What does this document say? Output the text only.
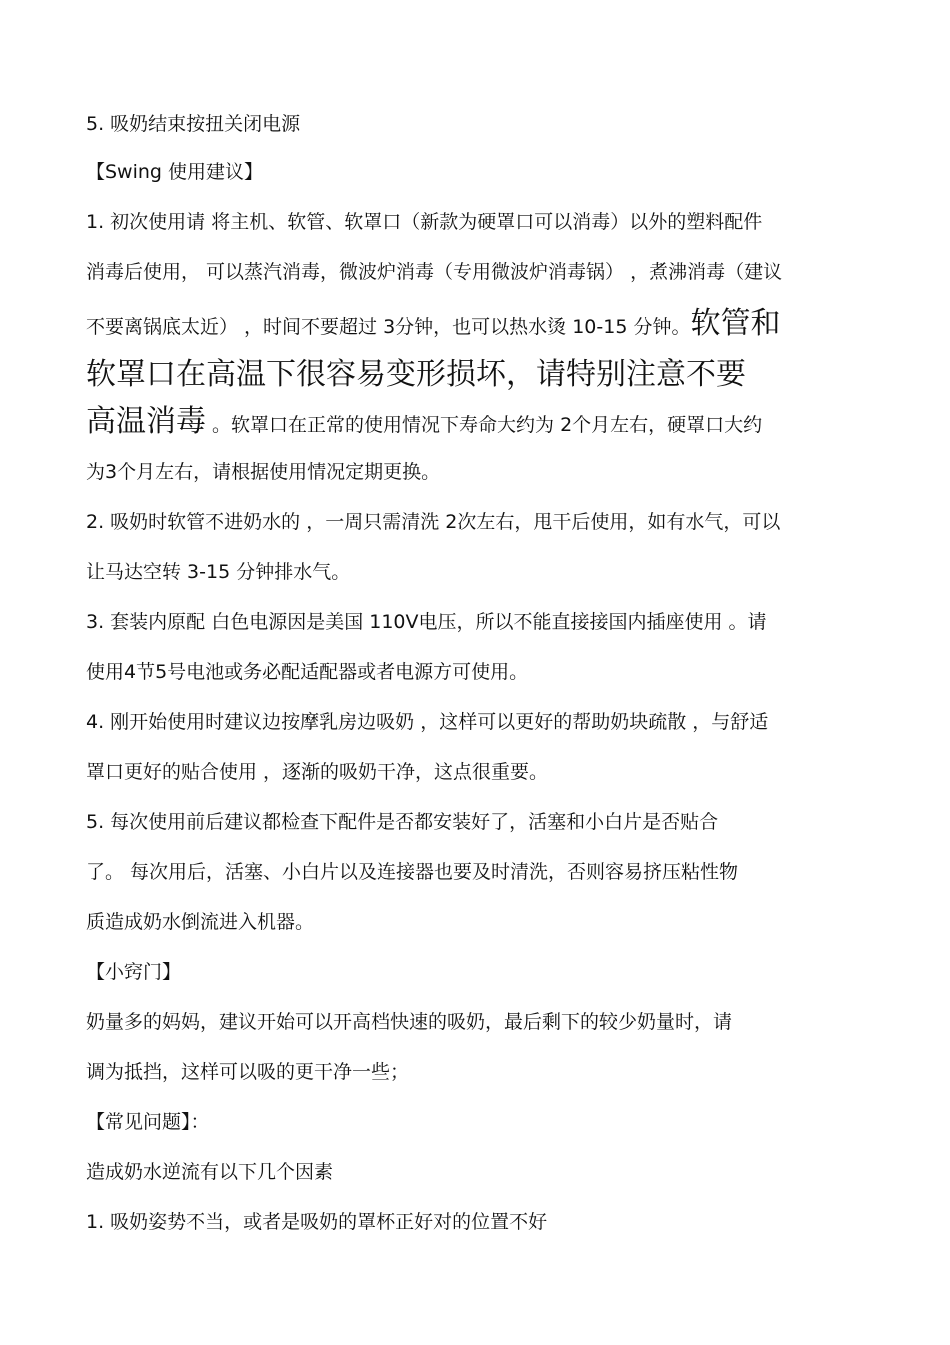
5. 吸奶结束按扭关闭电源
【Swing 使用建议】
1. 初次使用请 将主机、软管、软罩口（新款为硬罩口可以消毒）以外的塑料配件
消毒后使用， 可以蒸汽消毒，微波炉消毒（专用微波炉消毒锅） ，煮沸消毒（建议
不要离锅底太近） ，时间不要超过 3分钟，也可以热水烫 10-15 分钟。软管和
软罩口在高温下很容易变形损坏，请特别注意不要
高温消毒 。软罩口在正常的使用情况下寿命大约为 2个月左右，硬罩口大约
为3个月左右，请根据使用情况定期更换。
2. 吸奶时软管不进奶水的 ，一周只需清洗 2次左右，甩干后使用，如有水气，可以
让马达空转 3-15 分钟排水气。
3. 套装内原配 白色电源因是美国 110V电压，所以不能直接接国内插座使用 。请
使用4节5号电池或务必配适配器或者电源方可使用。
4. 刚开始使用时建议边按摩乳房边吸奶 ，这样可以更好的帮助奶块疏散 ，与舒适
罩口更好的贴合使用 ，逐渐的吸奶干净，这点很重要。
5. 每次使用前后建议都检查下配件是否都安装好了，活塞和小白片是否贴合
了。 每次用后，活塞、小白片以及连接器也要及时清洗，否则容易挤压粘性物
质造成奶水倒流进入机器。
【小窍门】
奶量多的妈妈，建议开始可以开高档快速的吸奶，最后剩下的较少奶量时，请
调为抵挡，这样可以吸的更干净一些；
【常见问题】：
造成奶水逆流有以下几个因素
1. 吸奶姿势不当，或者是吸奶的罩杯正好对的位置不好
